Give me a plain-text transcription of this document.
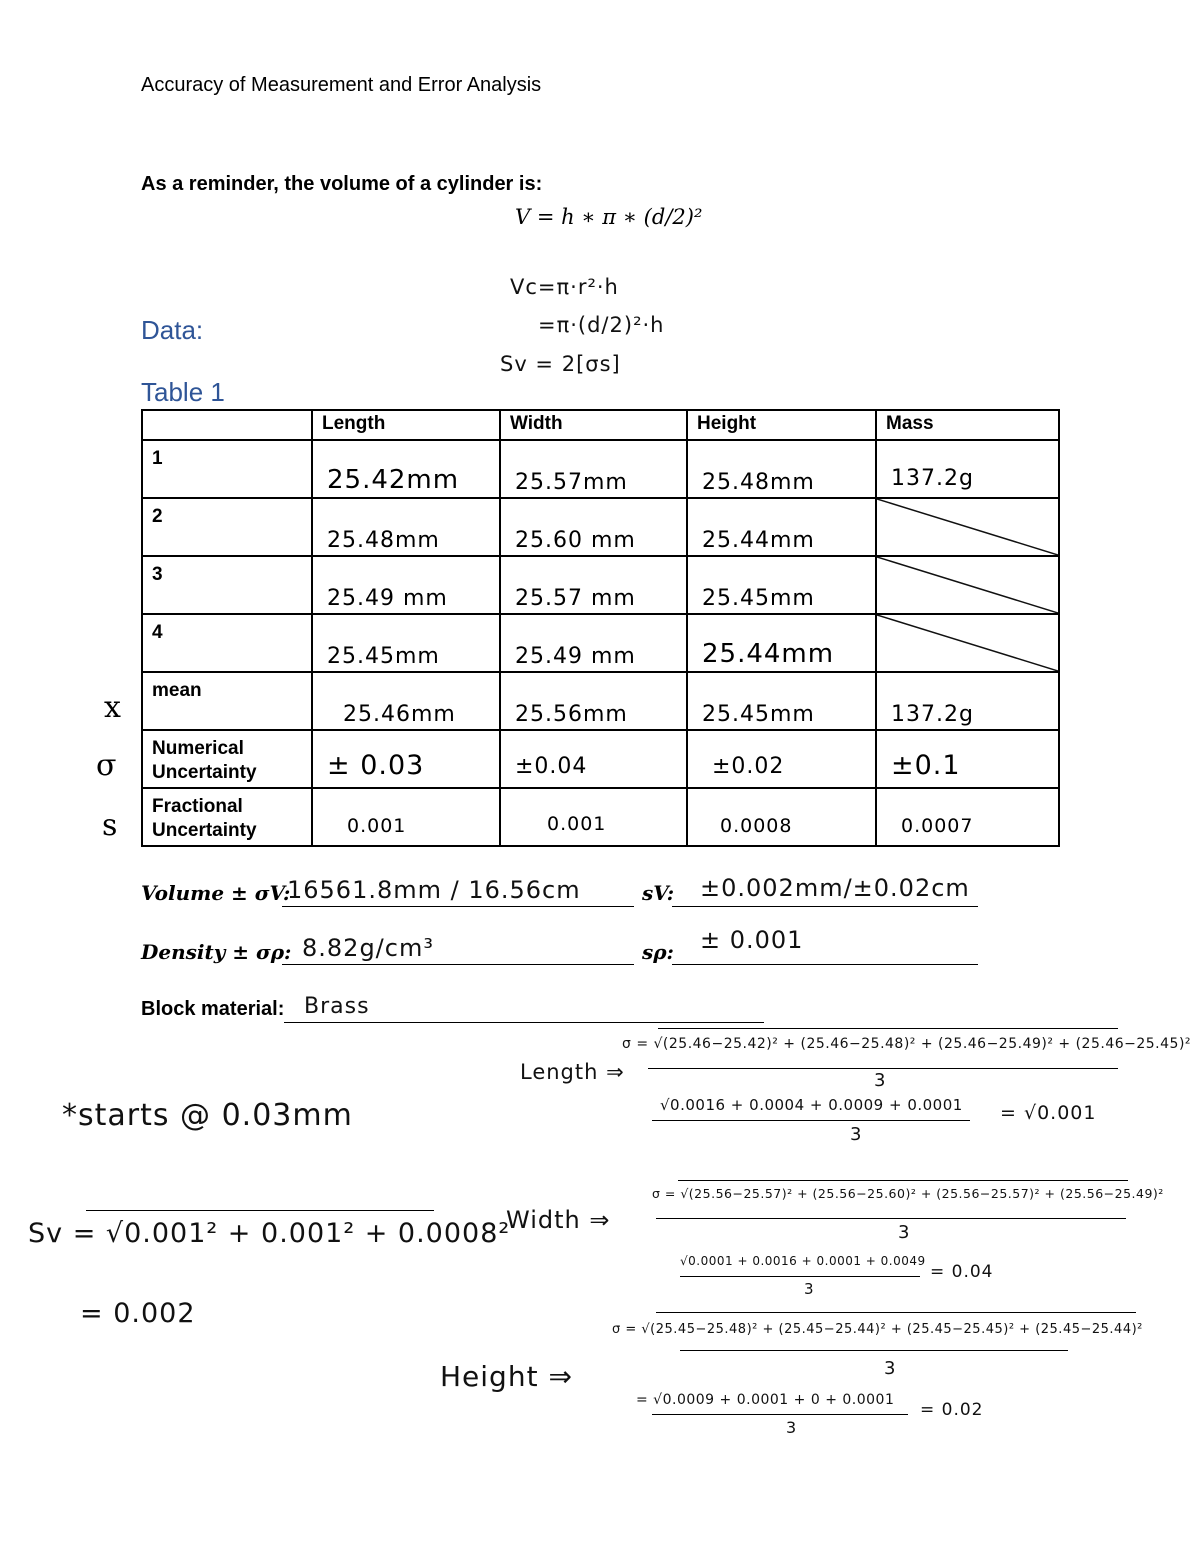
Accuracy of Measurement and Error Analysis
As a reminder, the volume of a cylinder is:
V = h ∗ π ∗ (d/2)²
Vc=π·r²·h
=π·(d/2)²·h
Sv = 2[σs]
Data:
Table 1
x
σ
s
	Length	Width	Height	Mass
1	25.42mm	25.57mm	25.48mm	137.2g

2	25.48mm	25.60 mm	25.44mm

3	25.49 mm	25.57 mm	25.45mm

4	25.45mm	25.49 mm	25.44mm

mean	25.46mm	25.56mm	25.45mm	137.2g

Numerical Uncertainty	± 0.03	±0.04	±0.02	±0.1

Fractional Uncertainty	0.001	0.001	0.0008	0.0007
Volume ± σV:
16561.8mm / 16.56cm	sV: ±0.002mm/±0.02cm
Density ± σρ: 8.82g/cm³	sρ: ± 0.001
Block material: Brass
*starts @ 0.03mm
Sv = √0.001² + 0.001² + 0.0008²
= 0.002
Length ⇒
σ = √(25.46−25.42)² + (25.46−25.48)² + (25.46−25.49)² + (25.46−25.45)²
3
√0.0016 + 0.0004 + 0.0009 + 0.0001
3
= √0.001
Width ⇒
σ = √(25.56−25.57)² + (25.56−25.60)² + (25.56−25.57)² + (25.56−25.49)²
3
√0.0001 + 0.0016 + 0.0001 + 0.0049
3
= 0.04
Height ⇒
σ = √(25.45−25.48)² + (25.45−25.44)² + (25.45−25.45)² + (25.45−25.44)²
3
= √0.0009 + 0.0001 + 0 + 0.0001
3
= 0.02
